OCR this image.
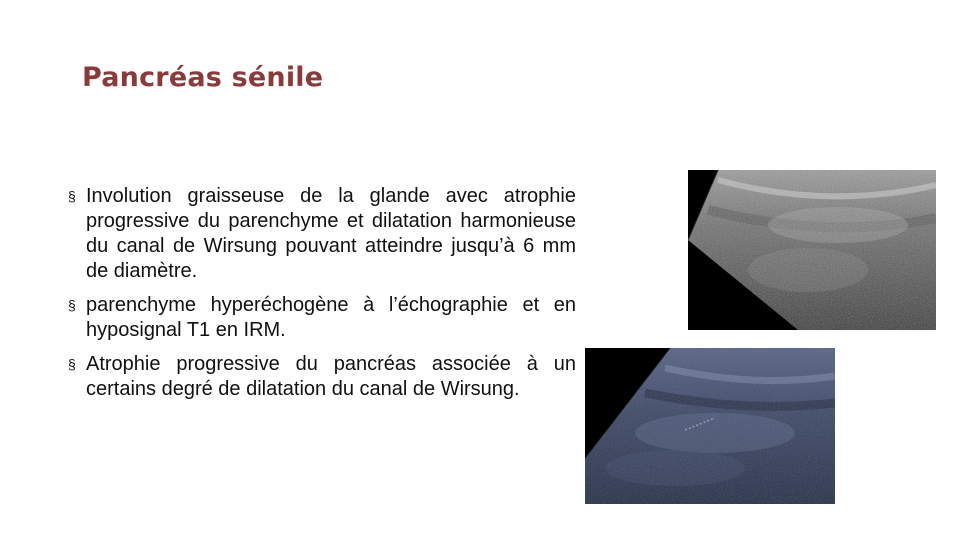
Pancréas sénile
§ Involution graisseuse de la glande avec atrophie progressive du parenchyme et dilatation harmonieuse du canal de Wirsung pouvant atteindre jusqu’à 6 mm de diamètre.
§ parenchyme hyperéchogène à l’échographie et en hyposignal T1 en IRM.
§ Atrophie progressive du pancréas associée à un certains degré de dilatation du canal de Wirsung.
